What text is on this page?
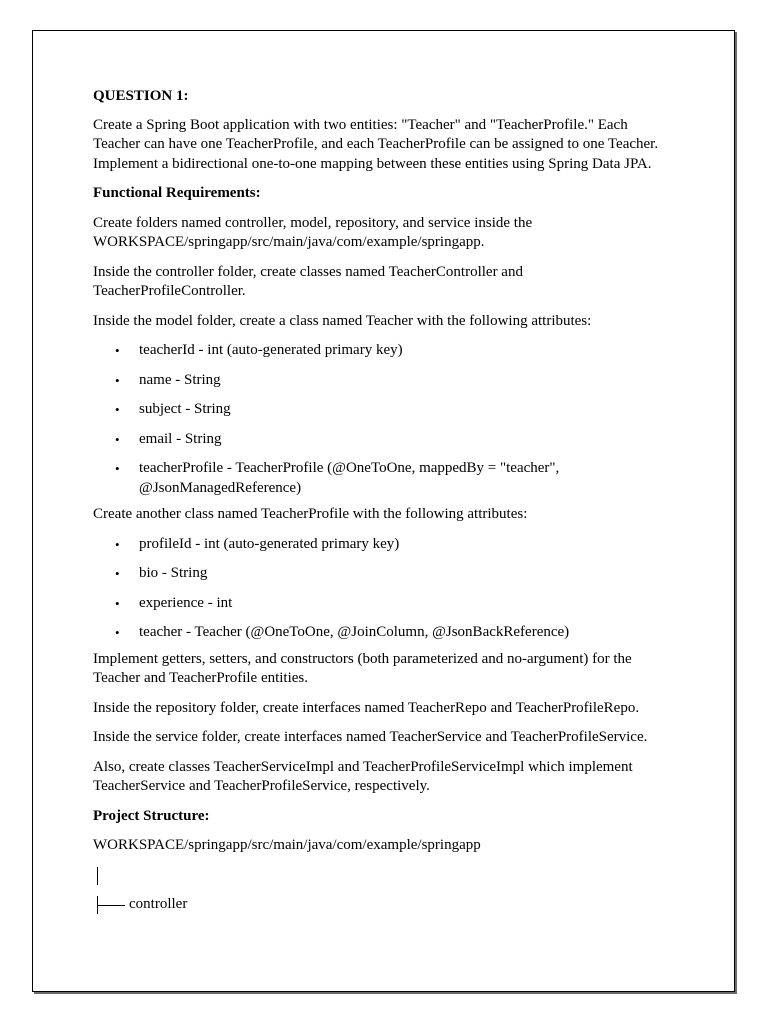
QUESTION 1:

Create a Spring Boot application with two entities: "Teacher" and "TeacherProfile." Each Teacher can have one TeacherProfile, and each TeacherProfile can be assigned to one Teacher. Implement a bidirectional one-to-one mapping between these entities using Spring Data JPA.

Functional Requirements:

Create folders named controller, model, repository, and service inside the WORKSPACE/springapp/src/main/java/com/example/springapp.

Inside the controller folder, create classes named TeacherController and TeacherProfileController.

Inside the model folder, create a class named Teacher with the following attributes:

• teacherId - int (auto-generated primary key)
• name - String
• subject - String
• email - String
• teacherProfile - TeacherProfile (@OneToOne, mappedBy = "teacher", @JsonManagedReference)

Create another class named TeacherProfile with the following attributes:

• profileId - int (auto-generated primary key)
• bio - String
• experience - int
• teacher - Teacher (@OneToOne, @JoinColumn, @JsonBackReference)

Implement getters, setters, and constructors (both parameterized and no-argument) for the Teacher and TeacherProfile entities.

Inside the repository folder, create interfaces named TeacherRepo and TeacherProfileRepo.

Inside the service folder, create interfaces named TeacherService and TeacherProfileService.

Also, create classes TeacherServiceImpl and TeacherProfileServiceImpl which implement TeacherService and TeacherProfileService, respectively.

Project Structure:

WORKSPACE/springapp/src/main/java/com/example/springapp

controller
